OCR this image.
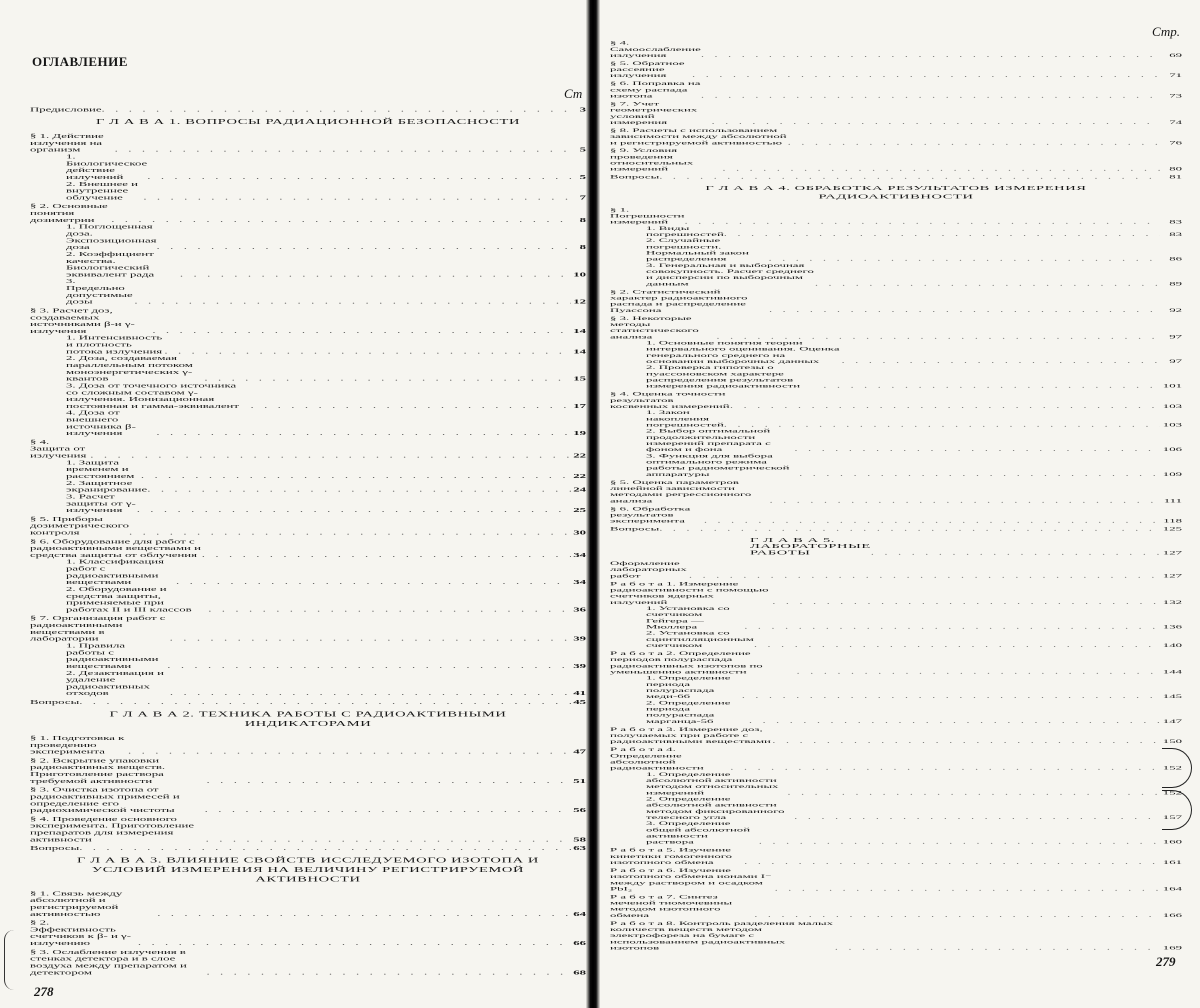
ОГЛАВЛЕНИЕ
Ст
Предисловие . . .	3
Г Л А В А 1. ВОПРОСЫ РАДИАЦИОННОЙ БЕЗОПАСНОСТИ
§ 1. Действие излучения на организм . . .	5
1. Биологическое действие излучений . . .	5
2. Внешнее и внутреннее облучение . . .	7
§ 2. Основные понятия дозиметрии . . .	8
1. Поглощенная доза. Экспозиционная доза . . .	8
2. Коэффициент качества. Биологический эквивалент рада . . .	10
3. Предельно допустимые дозы . . .	12
§ 3. Расчет доз, создаваемых источниками β-и γ-излучения . . .	14
1. Интенсивность и плотность потока излучения . . .	14
2. Доза, создаваемая параллельным потоком моноэнергетических γ-квантов . . .	15
3. Доза от точечного источника со сложным составом γ-излучения. Ионизационная постоянная и гамма-эквивалент . . .	17
4. Доза от внешнего источника β-излучения . . .	19
§ 4. Защита от излучения . . .	22
1. Защита временем и расстоянием . . .	22
2. Защитное экранирование . . .	24
3. Расчет защиты от γ-излучения . . .	25
§ 5. Приборы дозиметрического контроля . . .	30
§ 6. Оборудование для работ с радиоактивными веществами и средства защиты от облучения . . .	34
1. Классификация работ с радиоактивными веществами . . .	34
2. Оборудование и средства защиты, применяемые при работах II и III классов . . .	36
§ 7. Организация работ с радиоактивными веществами в лаборатории . . .	39
1. Правила работы с радиоактивными веществами . . .	39
2. Дезактивация и удаление радиоактивных отходов . . .	41
Вопросы . . .	45
Г Л А В А 2. ТЕХНИКА РАБОТЫ С РАДИОАКТИВНЫМИ ИНДИКАТОРАМИ
§ 1. Подготовка к проведению эксперимента . . .	47
§ 2. Вскрытие упаковки радиоактивных веществ. Приготовление раствора требуемой активности . . .	51
§ 3. Очистка изотопа от радиоактивных примесей и определение его радиохимической чистоты . . .	56
§ 4. Проведение основного эксперимента. Приготовление препаратов для измерения активности . . .	58
Вопросы . . .	63
Г Л А В А 3. ВЛИЯНИЕ СВОЙСТВ ИССЛЕДУЕМОГО ИЗОТОПА И УСЛОВИЙ ИЗМЕРЕНИЯ НА ВЕЛИЧИНУ РЕГИСТРИРУЕМОЙ АКТИВНОСТИ
§ 1. Связь между абсолютной и регистрируемой активностью . . .	64
§ 2. Эффективность счетчиков к β- и γ-излучению . . .	66
§ 3. Ослабление излучения в стенках детектора и в слое воздуха между препаратом и детектором . . .	68
278
Стр.
§ 4. Самоослабление излучения . . .	69
§ 5. Обратное рассеяние излучения . . .	71
§ 6. Поправка на схему распада изотопа . . .	73
§ 7. Учет геометрических условий измерения . . .	74
§ 8. Расчеты с использованием зависимости между абсолютной и регистрируемой активностью . . .	76
§ 9. Условия проведения относительных измерений . . .	80
Вопросы . . .	81
Г Л А В А 4. ОБРАБОТКА РЕЗУЛЬТАТОВ ИЗМЕРЕНИЯ РАДИОАКТИВНОСТИ
§ 1. Погрешности измерений . . .	83
1. Виды погрешностей . . .	83
2. Случайные погрешности. Нормальный закон распределения . . .	86
3. Генеральная и выборочная совокупность. Расчет среднего и дисперсии по выборочным данным . . .	89
§ 2. Статистический характер радиоактивного распада и распределение Пуассона . . .	92
§ 3. Некоторые методы статистического анализа . . .	97
1. Основные понятия теории интервального оценивания. Оценка генерального среднего на основании выборочных данных . . .	97
2. Проверка гипотезы о пуассоновском характере распределения результатов измерения радиоактивности . . .	101
§ 4. Оценка точности результатов косвенных измерений . . .	103
1. Закон накопления погрешностей . . .	103
2. Выбор оптимальной продолжительности измерений препарата с фоном и фона . . .	106
3. Функция для выбора оптимального режима работы радиометрической аппаратуры . . .	109
§ 5. Оценка параметров линейной зависимости методами регрессионного анализа . . .	111
§ 6. Обработка результатов эксперимента . . .	118
Вопросы . . .	125
Г Л А В А 5. ЛАБОРАТОРНЫЕ РАБОТЫ . . .	127
Оформление лабораторных работ . . .	127
Р а б о т а 1. Измерение радиоактивности с помощью счетчиков ядерных излучений . . .	132
1. Установка со счетчиком Гейгера — Мюллера . . .	136
2. Установка со сцинтилляционным счетчиком . . .	140
Р а б о т а 2. Определение периодов полураспада радиоактивных изотопов по уменьшению активности . . .	144
1. Определение периода полураспада меди-66 . . .	145
2. Определение периода полураспада марганца-56 . . .	147
Р а б о т а 3. Измерение доз, получаемых при работе с радиоактивными веществами . . .	150
Р а б о т а 4. Определение абсолютной радиоактивности . . .	152
1. Определение абсолютной активности методом относительных измерений . . .	152
2. Определение абсолютной активности методом фиксированного телесного угла . . .	157
3. Определение общей абсолютной активности раствора . . .	160
Р а б о т а 5. Изучение кинетики гомогенного изотопного обмена . . .	161
Р а б о т а 6. Изучение изотопного обмена ионами I⁻ между раствором и осадком PbI₂ . . .	164
Р а б о т а 7. Синтез меченой тиомочевины методом изотопного обмена . . .	166
Р а б о т а 8. Контроль разделения малых количеств веществ методом электрофореза на бумаге с использованием радиоактивных изотопов . . .	169
279
